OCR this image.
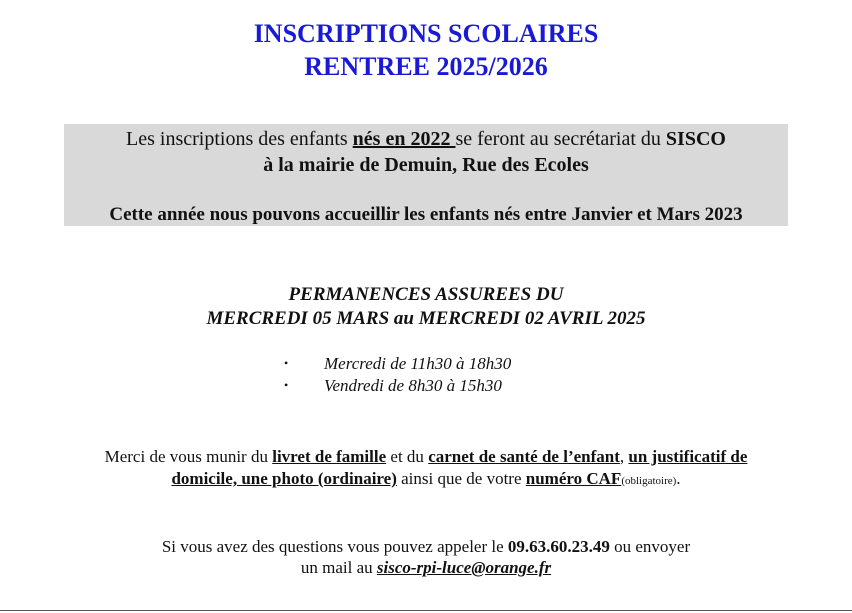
INSCRIPTIONS SCOLAIRES
RENTREE 2025/2026
Les inscriptions des enfants nés en 2022 se feront au secrétariat du SISCO
à la mairie de Demuin, Rue des Ecoles
Cette année nous pouvons accueillir les enfants nés entre Janvier et Mars 2023
PERMANENCES ASSUREES DU
MERCREDI 05 MARS au MERCREDI 02 AVRIL 2025
• Mercredi de 11h30 à 18h30
• Vendredi de 8h30 à 15h30
Merci de vous munir du livret de famille et du carnet de santé de l’enfant, un justificatif de
domicile, une photo (ordinaire) ainsi que de votre numéro CAF(obligatoire).
Si vous avez des questions vous pouvez appeler le 09.63.60.23.49 ou envoyer
un mail au sisco-rpi-luce@orange.fr
